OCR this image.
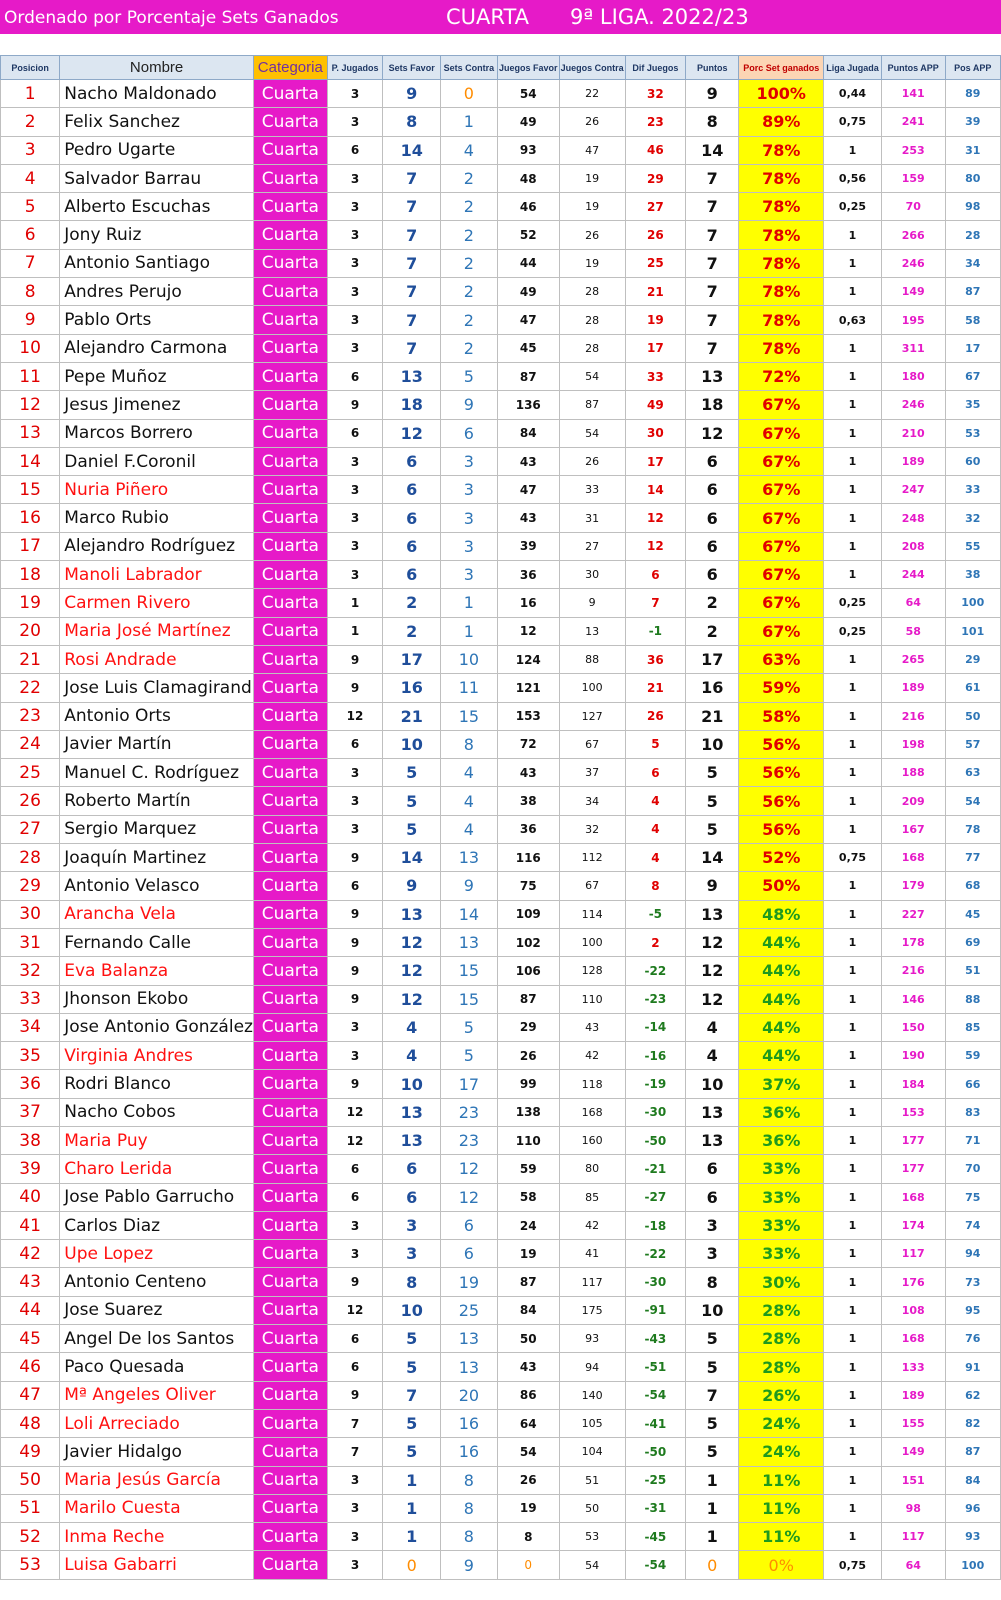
Ordenado por Porcentaje Sets Ganados	CUARTA 9ª LIGA. 2022/23
Posicion	Nombre	Categoria	P. Jugados	Sets Favor	Sets Contra	Juegos Favor	Juegos Contra	Dif Juegos	Puntos	Porc Set ganados	Liga Jugada	Puntos APP	Pos APP
1	Nacho Maldonado	Cuarta	3	9	0	54	22	32	9	100%	0,44	141	89
2	Felix Sanchez	Cuarta	3	8	1	49	26	23	8	89%	0,75	241	39
3	Pedro Ugarte	Cuarta	6	14	4	93	47	46	14	78%	1	253	31
4	Salvador Barrau	Cuarta	3	7	2	48	19	29	7	78%	0,56	159	80
5	Alberto Escuchas	Cuarta	3	7	2	46	19	27	7	78%	0,25	70	98
6	Jony Ruiz	Cuarta	3	7	2	52	26	26	7	78%	1	266	28
7	Antonio Santiago	Cuarta	3	7	2	44	19	25	7	78%	1	246	34
8	Andres Perujo	Cuarta	3	7	2	49	28	21	7	78%	1	149	87
9	Pablo Orts	Cuarta	3	7	2	47	28	19	7	78%	0,63	195	58
10	Alejandro Carmona	Cuarta	3	7	2	45	28	17	7	78%	1	311	17
11	Pepe Muñoz	Cuarta	6	13	5	87	54	33	13	72%	1	180	67
12	Jesus Jimenez	Cuarta	9	18	9	136	87	49	18	67%	1	246	35
13	Marcos Borrero	Cuarta	6	12	6	84	54	30	12	67%	1	210	53
14	Daniel F.Coronil	Cuarta	3	6	3	43	26	17	6	67%	1	189	60
15	Nuria Piñero	Cuarta	3	6	3	47	33	14	6	67%	1	247	33
16	Marco Rubio	Cuarta	3	6	3	43	31	12	6	67%	1	248	32
17	Alejandro Rodríguez	Cuarta	3	6	3	39	27	12	6	67%	1	208	55
18	Manoli Labrador	Cuarta	3	6	3	36	30	6	6	67%	1	244	38
19	Carmen Rivero	Cuarta	1	2	1	16	9	7	2	67%	0,25	64	100
20	Maria José Martínez	Cuarta	1	2	1	12	13	-1	2	67%	0,25	58	101
21	Rosi Andrade	Cuarta	9	17	10	124	88	36	17	63%	1	265	29
22	Jose Luis Clamagirand	Cuarta	9	16	11	121	100	21	16	59%	1	189	61
23	Antonio Orts	Cuarta	12	21	15	153	127	26	21	58%	1	216	50
24	Javier Martín	Cuarta	6	10	8	72	67	5	10	56%	1	198	57
25	Manuel C. Rodríguez	Cuarta	3	5	4	43	37	6	5	56%	1	188	63
26	Roberto Martín	Cuarta	3	5	4	38	34	4	5	56%	1	209	54
27	Sergio Marquez	Cuarta	3	5	4	36	32	4	5	56%	1	167	78
28	Joaquín Martinez	Cuarta	9	14	13	116	112	4	14	52%	0,75	168	77
29	Antonio Velasco	Cuarta	6	9	9	75	67	8	9	50%	1	179	68
30	Arancha Vela	Cuarta	9	13	14	109	114	-5	13	48%	1	227	45
31	Fernando Calle	Cuarta	9	12	13	102	100	2	12	44%	1	178	69
32	Eva Balanza	Cuarta	9	12	15	106	128	-22	12	44%	1	216	51
33	Jhonson Ekobo	Cuarta	9	12	15	87	110	-23	12	44%	1	146	88
34	Jose Antonio González	Cuarta	3	4	5	29	43	-14	4	44%	1	150	85
35	Virginia Andres	Cuarta	3	4	5	26	42	-16	4	44%	1	190	59
36	Rodri Blanco	Cuarta	9	10	17	99	118	-19	10	37%	1	184	66
37	Nacho Cobos	Cuarta	12	13	23	138	168	-30	13	36%	1	153	83
38	Maria Puy	Cuarta	12	13	23	110	160	-50	13	36%	1	177	71
39	Charo Lerida	Cuarta	6	6	12	59	80	-21	6	33%	1	177	70
40	Jose Pablo Garrucho	Cuarta	6	6	12	58	85	-27	6	33%	1	168	75
41	Carlos Diaz	Cuarta	3	3	6	24	42	-18	3	33%	1	174	74
42	Upe Lopez	Cuarta	3	3	6	19	41	-22	3	33%	1	117	94
43	Antonio Centeno	Cuarta	9	8	19	87	117	-30	8	30%	1	176	73
44	Jose Suarez	Cuarta	12	10	25	84	175	-91	10	28%	1	108	95
45	Angel De los Santos	Cuarta	6	5	13	50	93	-43	5	28%	1	168	76
46	Paco Quesada	Cuarta	6	5	13	43	94	-51	5	28%	1	133	91
47	Mª Angeles Oliver	Cuarta	9	7	20	86	140	-54	7	26%	1	189	62
48	Loli Arreciado	Cuarta	7	5	16	64	105	-41	5	24%	1	155	82
49	Javier Hidalgo	Cuarta	7	5	16	54	104	-50	5	24%	1	149	87
50	Maria Jesús García	Cuarta	3	1	8	26	51	-25	1	11%	1	151	84
51	Marilo Cuesta	Cuarta	3	1	8	19	50	-31	1	11%	1	98	96
52	Inma Reche	Cuarta	3	1	8	8	53	-45	1	11%	1	117	93
53	Luisa Gabarri	Cuarta	3	0	9	0	54	-54	0	0%	0,75	64	100
